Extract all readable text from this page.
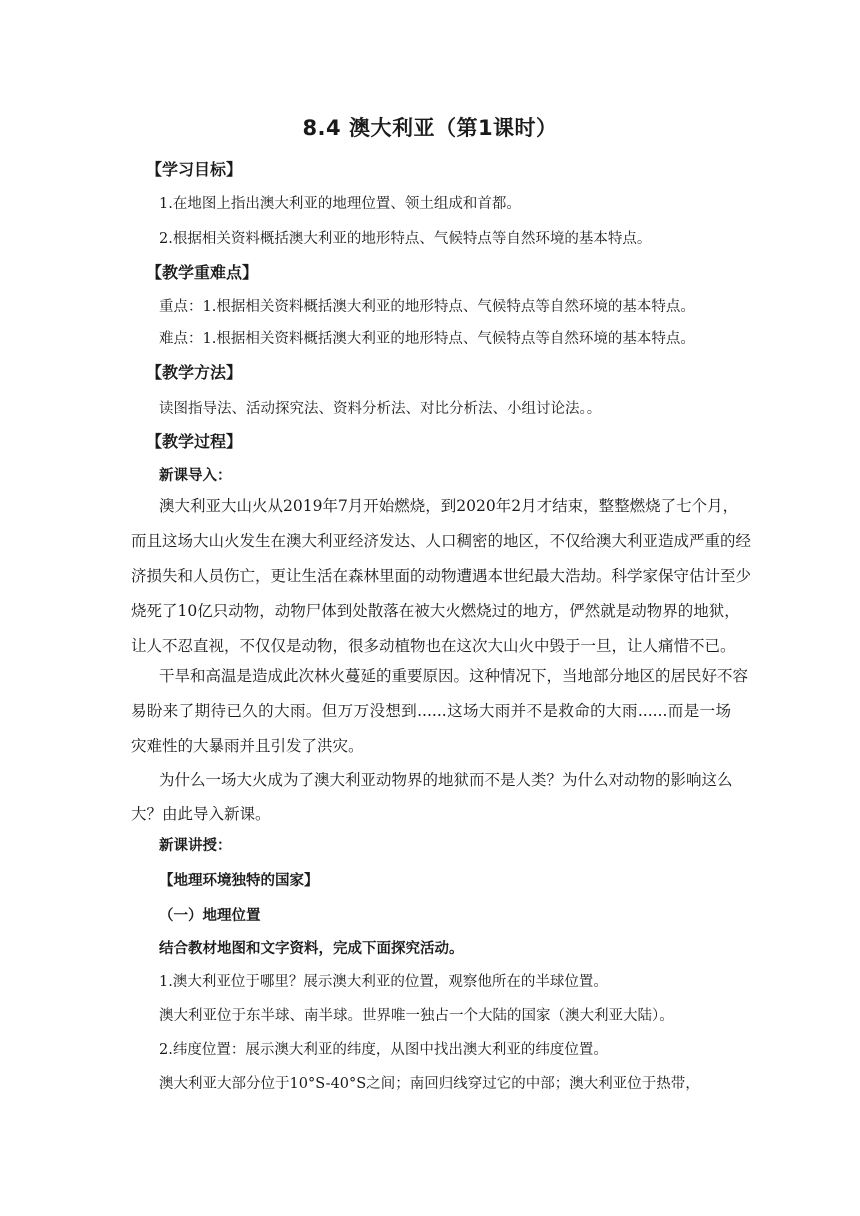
8.4 澳大利亚（第1课时）
【学习目标】
1.在地图上指出澳大利亚的地理位置、领土组成和首都。
2.根据相关资料概括澳大利亚的地形特点、气候特点等自然环境的基本特点。
【教学重难点】
重点：1.根据相关资料概括澳大利亚的地形特点、气候特点等自然环境的基本特点。
难点：1.根据相关资料概括澳大利亚的地形特点、气候特点等自然环境的基本特点。
【教学方法】
读图指导法、活动探究法、资料分析法、对比分析法、小组讨论法。。
【教学过程】
新课导入：
澳大利亚大山火从2019年7月开始燃烧，到2020年2月才结束，整整燃烧了七个月，
而且这场大山火发生在澳大利亚经济发达、人口稠密的地区，不仅给澳大利亚造成严重的经
济损失和人员伤亡，更让生活在森林里面的动物遭遇本世纪最大浩劫。科学家保守估计至少
烧死了10亿只动物，动物尸体到处散落在被大火燃烧过的地方，俨然就是动物界的地狱，
让人不忍直视，不仅仅是动物，很多动植物也在这次大山火中毁于一旦，让人痛惜不已。
干旱和高温是造成此次林火蔓延的重要原因。这种情况下，当地部分地区的居民好不容
易盼来了期待已久的大雨。但万万没想到......这场大雨并不是救命的大雨......而是一场
灾难性的大暴雨并且引发了洪灾。
为什么一场大火成为了澳大利亚动物界的地狱而不是人类？为什么对动物的影响这么
大？由此导入新课。
新课讲授：
【地理环境独特的国家】
（一）地理位置
结合教材地图和文字资料，完成下面探究活动。
1.澳大利亚位于哪里？展示澳大利亚的位置，观察他所在的半球位置。
澳大利亚位于东半球、南半球。世界唯一独占一个大陆的国家（澳大利亚大陆）。
2.纬度位置：展示澳大利亚的纬度，从图中找出澳大利亚的纬度位置。
澳大利亚大部分位于10°S-40°S之间；南回归线穿过它的中部；澳大利亚位于热带，
